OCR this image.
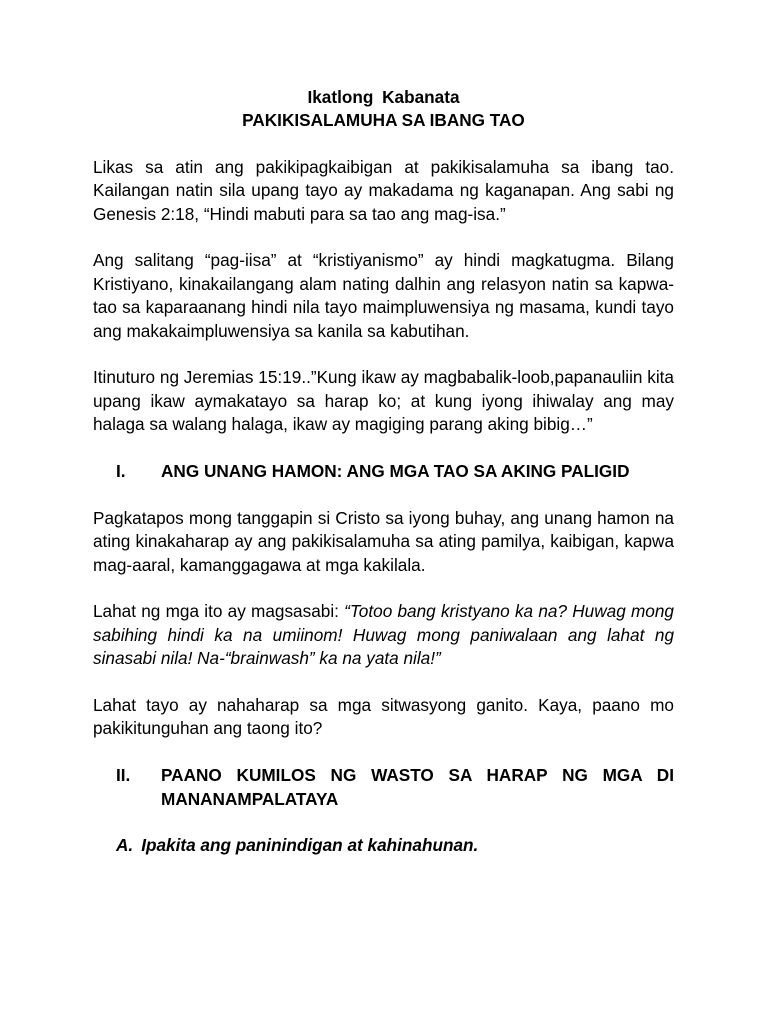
Ikatlong Kabanata
PAKIKISALAMUHA SA IBANG TAO

Likas sa atin ang pakikipagkaibigan at pakikisalamuha sa ibang tao. Kailangan natin sila upang tayo ay makadama ng kaganapan. Ang sabi ng Genesis 2:18, “Hindi mabuti para sa tao ang mag-isa.”

Ang salitang “pag-iisa” at “kristiyanismo” ay hindi magkatugma. Bilang Kristiyano, kinakailangang alam nating dalhin ang relasyon natin sa kapwa-tao sa kaparaanang hindi nila tayo maimpluwensiya ng masama, kundi tayo ang makakaimpluwensiya sa kanila sa kabutihan.

Itinuturo ng Jeremias 15:19..”Kung ikaw ay magbabalik-loob,papanauliin kita upang ikaw aymakatayo sa harap ko; at kung iyong ihiwalay ang may halaga sa walang halaga, ikaw ay magiging parang aking bibig…”

I.	ANG UNANG HAMON: ANG MGA TAO SA AKING PALIGID

Pagkatapos mong tanggapin si Cristo sa iyong buhay, ang unang hamon na ating kinakaharap ay ang pakikisalamuha sa ating pamilya, kaibigan, kapwa mag-aaral, kamanggagawa at mga kakilala.

Lahat ng mga ito ay magsasabi: “Totoo bang kristyano ka na? Huwag mong sabihing hindi ka na umiinom! Huwag mong paniwalaan ang lahat ng sinasabi nila! Na-“brainwash” ka na yata nila!”

Lahat tayo ay nahaharap sa mga sitwasyong ganito. Kaya, paano mo pakikitunguhan ang taong ito?

II.	PAANO KUMILOS NG WASTO SA HARAP NG MGA DI MANANAMPALATAYA
A. Ipakita ang paninindigan at kahinahunan.
